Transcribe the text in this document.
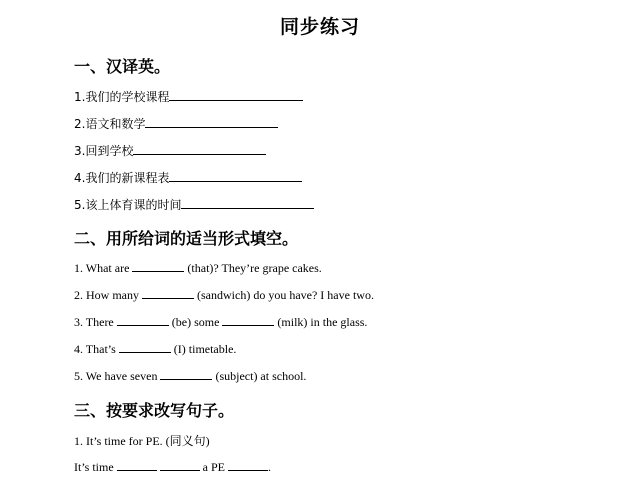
同步练习
一、汉译英。
1.我们的学校课程
2.语文和数学
3.回到学校
4.我们的新课程表
5.该上体育课的时间
二、用所给词的适当形式填空。
1. What are	(that)? They’re grape cakes.
2. How many	(sandwich) do you have? I have two.
3. There	(be) some	(milk) in the glass.
4. That’s	(I) timetable.
5. We have seven	(subject) at school.
三、按要求改写句子。
1. It’s time for PE. (同义句)
It’s time	a PE	.
